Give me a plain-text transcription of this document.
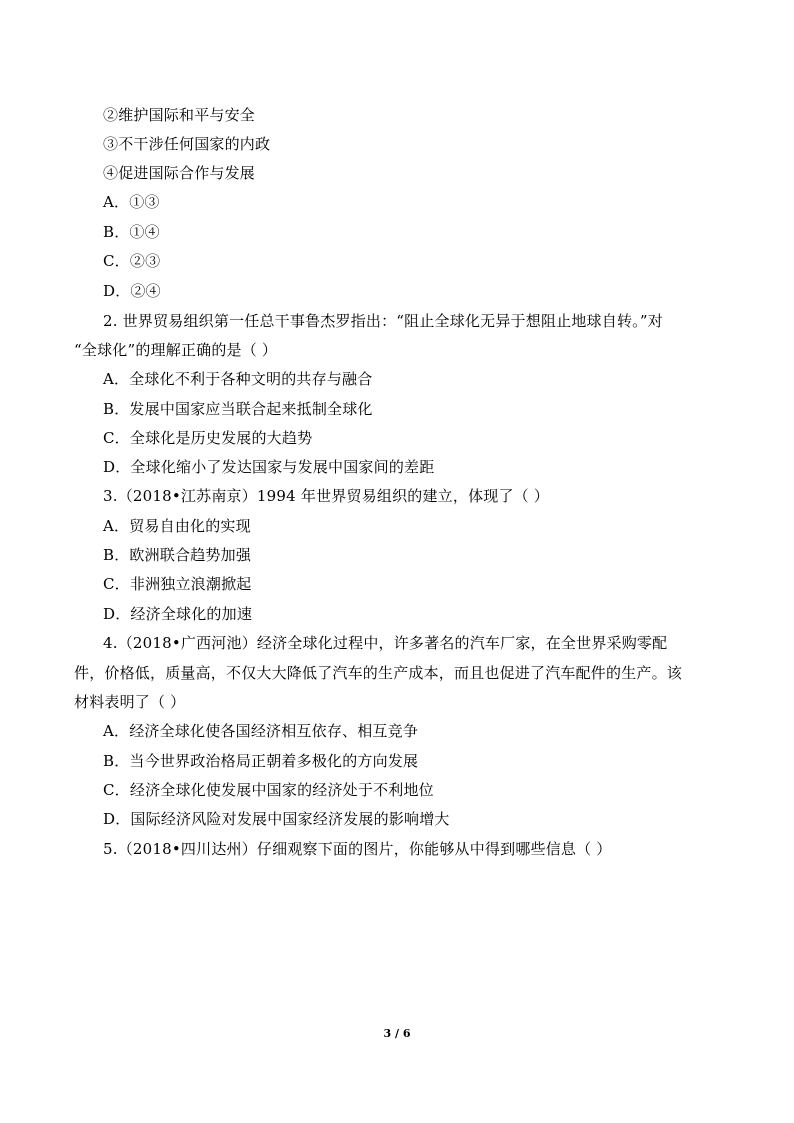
②维护国际和平与安全
③不干涉任何国家的内政
④促进国际合作与发展
A．①③
B．①④
C．②③
D．②④
2. 世界贸易组织第一任总干事鲁杰罗指出：“阻止全球化无异于想阻止地球自转。”对
“全球化”的理解正确的是（ ）
A．全球化不利于各种文明的共存与融合
B．发展中国家应当联合起来抵制全球化
C．全球化是历史发展的大趋势
D．全球化缩小了发达国家与发展中国家间的差距
3.（2018•江苏南京）1994 年世界贸易组织的建立，体现了（ ）
A．贸易自由化的实现
B．欧洲联合趋势加强
C．非洲独立浪潮掀起
D．经济全球化的加速
4.（2018•广西河池）经济全球化过程中，许多著名的汽车厂家，在全世界采购零配
件，价格低，质量高，不仅大大降低了汽车的生产成本，而且也促进了汽车配件的生产。该
材料表明了（ ）
A．经济全球化使各国经济相互依存、相互竞争
B．当今世界政治格局正朝着多极化的方向发展
C．经济全球化使发展中国家的经济处于不利地位
D．国际经济风险对发展中国家经济发展的影响增大
5.（2018•四川达州）仔细观察下面的图片，你能够从中得到哪些信息（ ）
3 / 6
